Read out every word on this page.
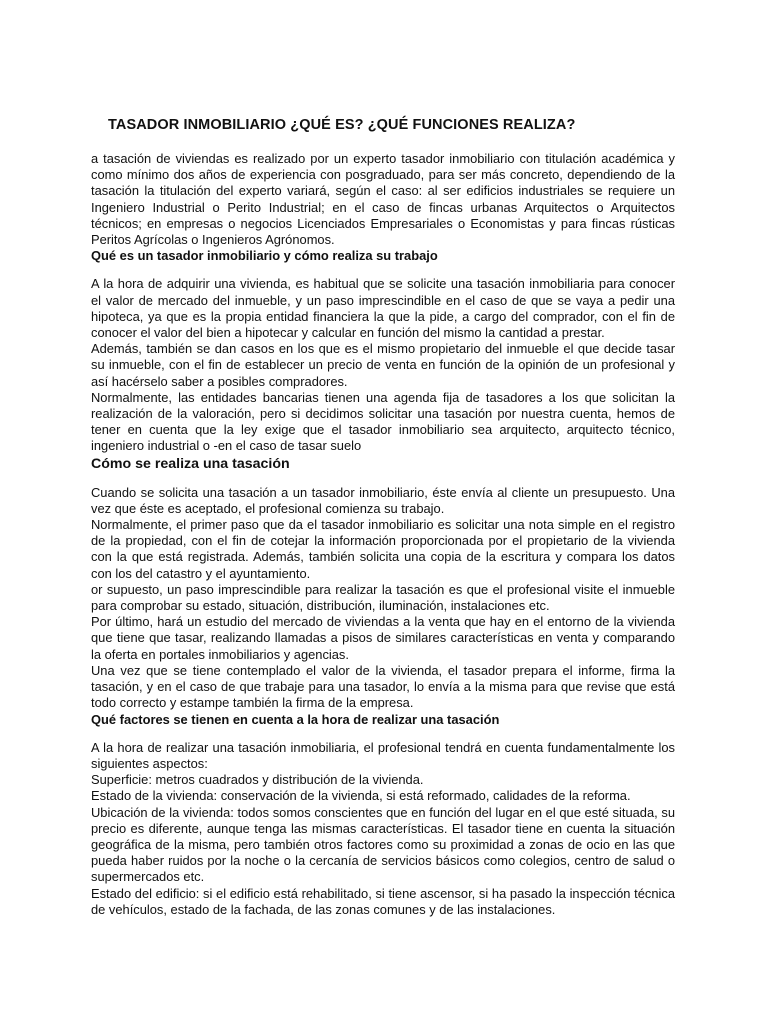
TASADOR INMOBILIARIO ¿QUÉ ES? ¿QUÉ FUNCIONES REALIZA?

a tasación de viviendas es realizado por un experto tasador inmobiliario con titulación académica y como mínimo dos años de experiencia con posgraduado, para ser más concreto, dependiendo de la tasación la titulación del experto variará, según el caso: al ser edificios industriales se requiere un Ingeniero Industrial o Perito Industrial; en el caso de fincas urbanas Arquitectos o Arquitectos técnicos; en empresas o negocios Licenciados Empresariales o Economistas y para fincas rústicas Peritos Agrícolas o Ingenieros Agrónomos.

Qué es un tasador inmobiliario y cómo realiza su trabajo

A la hora de adquirir una vivienda, es habitual que se solicite una tasación inmobiliaria para conocer el valor de mercado del inmueble, y un paso imprescindible en el caso de que se vaya a pedir una hipoteca, ya que es la propia entidad financiera la que la pide, a cargo del comprador, con el fin de conocer el valor del bien a hipotecar y calcular en función del mismo la cantidad a prestar.

Además, también se dan casos en los que es el mismo propietario del inmueble el que decide tasar su inmueble, con el fin de establecer un precio de venta en función de la opinión de un profesional y así hacérselo saber a posibles compradores.

Normalmente, las entidades bancarias tienen una agenda fija de tasadores a los que solicitan la realización de la valoración, pero si decidimos solicitar una tasación por nuestra cuenta, hemos de tener en cuenta que la ley exige que el tasador inmobiliario sea arquitecto, arquitecto técnico, ingeniero industrial o -en el caso de tasar suelo

Cómo se realiza una tasación

Cuando se solicita una tasación a un tasador inmobiliario, éste envía al cliente un presupuesto. Una vez que éste es aceptado, el profesional comienza su trabajo.

Normalmente, el primer paso que da el tasador inmobiliario es solicitar una nota simple en el registro de la propiedad, con el fin de cotejar la información proporcionada por el propietario de la vivienda con la que está registrada. Además, también solicita una copia de la escritura y compara los datos con los del catastro y el ayuntamiento.

or supuesto, un paso imprescindible para realizar la tasación es que el profesional visite el inmueble para comprobar su estado, situación, distribución, iluminación, instalaciones etc.

Por último, hará un estudio del mercado de viviendas a la venta que hay en el entorno de la vivienda que tiene que tasar, realizando llamadas a pisos de similares características en venta y comparando la oferta en portales inmobiliarios y agencias.

Una vez que se tiene contemplado el valor de la vivienda, el tasador prepara el informe, firma la tasación, y en el caso de que trabaje para una tasador, lo envía a la misma para que revise que está todo correcto y estampe también la firma de la empresa.

Qué factores se tienen en cuenta a la hora de realizar una tasación

A la hora de realizar una tasación inmobiliaria, el profesional tendrá en cuenta fundamentalmente los siguientes aspectos:

Superficie: metros cuadrados y distribución de la vivienda.

Estado de la vivienda: conservación de la vivienda, si está reformado, calidades de la reforma.

Ubicación de la vivienda: todos somos conscientes que en función del lugar en el que esté situada, su precio es diferente, aunque tenga las mismas características. El tasador tiene en cuenta la situación geográfica de la misma, pero también otros factores como su proximidad a zonas de ocio en las que pueda haber ruidos por la noche o la cercanía de servicios básicos como colegios, centro de salud o supermercados etc.

Estado del edificio: si el edificio está rehabilitado, si tiene ascensor, si ha pasado la inspección técnica de vehículos, estado de la fachada, de las zonas comunes y de las instalaciones.
